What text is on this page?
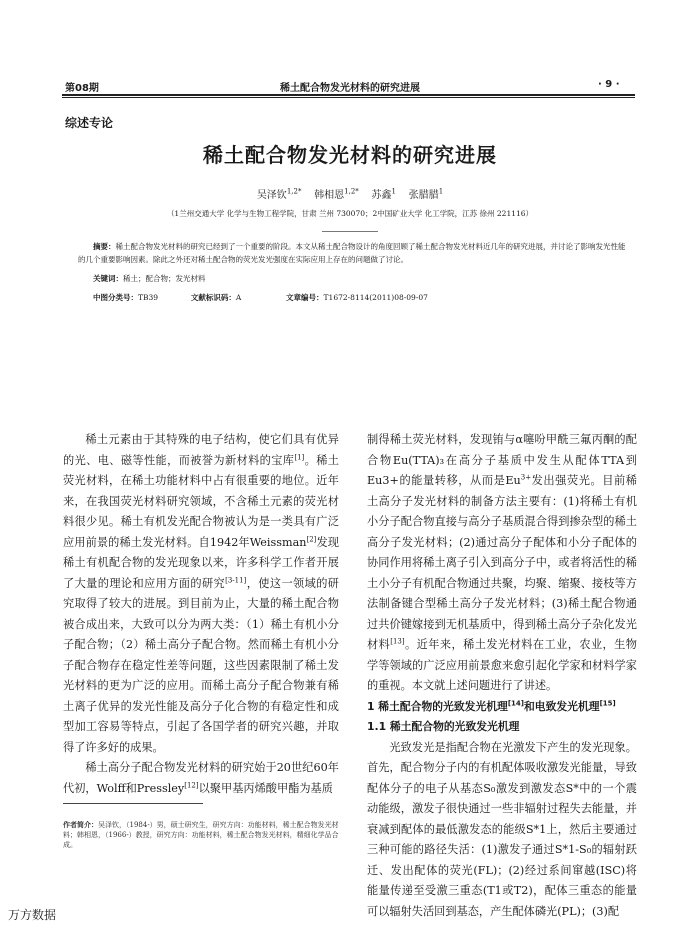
第08期	稀土配合物发光材料的研究进展	· 9 ·
综述专论
稀土配合物发光材料的研究进展
吴泽钦$^{1,2*}$ 韩相恩$^{1,2*}$ 苏鑫$^1$ 张腊腊$^1$
（1兰州交通大学 化学与生物工程学院，甘肃 兰州 730070；2中国矿业大学 化工学院，江苏 徐州 221116）
摘要：稀土配合物发光材料的研究已经到了一个重要的阶段。本文从稀土配合物设计的角度回顾了稀土配合物发光材料近几年的研究进展，并讨论了影响发光性能的几个重要影响因素。除此之外还对稀土配合物的荧光发光强度在实际应用上存在的问题做了讨论。
关键词：稀土；配合物；发光材料
中图分类号：TB39	文献标识码：A	文章编号：T1672-8114(2011)08-09-07

稀土元素由于其特殊的电子结构，使它们具有优异的光、电、磁等性能，而被誉为新材料的宝库[1]。稀土荧光材料，在稀土功能材料中占有很重要的地位。近年来，在我国荧光材料研究领域，不含稀土元素的荧光材料很少见。稀土有机发光配合物被认为是一类具有广泛应用前景的稀土发光材料。自1942年Weissman[2]发现稀土有机配合物的发光现象以来，许多科学工作者开展了大量的理论和应用方面的研究[3-11]，使这一领域的研究取得了较大的进展。到目前为止，大量的稀土配合物被合成出来，大致可以分为两大类：（1）稀土有机小分子配合物；（2）稀土高分子配合物。然而稀土有机小分子配合物存在稳定性差等问题，这些因素限制了稀土发光材料的更为广泛的应用。而稀土高分子配合物兼有稀土离子优异的发光性能及高分子化合物的有稳定性和成型加工容易等特点，引起了各国学者的研究兴趣，并取得了许多好的成果。

稀土高分子配合物发光材料的研究始于20世纪60年代初，Wolff和Pressley[12]以聚甲基丙烯酸甲酯为基质

制得稀土荧光材料，发现铕与α噻吩甲酰三氟丙酮的配合物Eu(TTA)₃在高分子基质中发生从配体TTA到Eu3+的能量转移，从而是$Eu^{3+}$发出强荧光。目前稀土高分子发光材料的制备方法主要有：(1)将稀土有机小分子配合物直接与高分子基质混合得到掺杂型的稀土高分子发光材料；(2)通过高分子配体和小分子配体的协同作用将稀土离子引入到高分子中，或者将活性的稀土小分子有机配合物通过共聚，均聚、缩聚、接枝等方法制备键合型稀土高分子发光材料；(3)稀土配合物通过共价键嫁接到无机基质中，得到稀土高分子杂化发光材料[13]。近年来，稀土发光材料在工业，农业，生物学等领域的广泛应用前景愈来愈引起化学家和材料学家的重视。本文就上述问题进行了讲述。

1 稀土配合物的光致发光机理[14]和电致发光机理[15]

1.1 稀土配合物的光致发光机理

光致发光是指配合物在光激发下产生的发光现象。首先，配合物分子内的有机配体吸收激发光能量，导致配体分子的电子从基态S₀激发到激发态S*中的一个震动能级，激发子很快通过一些非辐射过程失去能量，并衰减到配体的最低激发态的能级S*1上，然后主要通过三种可能的路径失活：(1)激发子通过S*1-S₀的辐射跃迁、发出配体的荧光(FL)；(2)经过系间窜越(ISC)将能量传递至受激三重态(T1或T2)，配体三重态的能量可以辐射失活回到基态，产生配体磷光(PL)；(3)配

作者简介：吴泽钦，（1984-）男，硕士研究生，研究方向：功能材料，稀土配合物发光材料；韩相恩，（1966-）教授，研究方向：功能材料，稀土配合物发光材料，精细化学品合成。
万方数据
